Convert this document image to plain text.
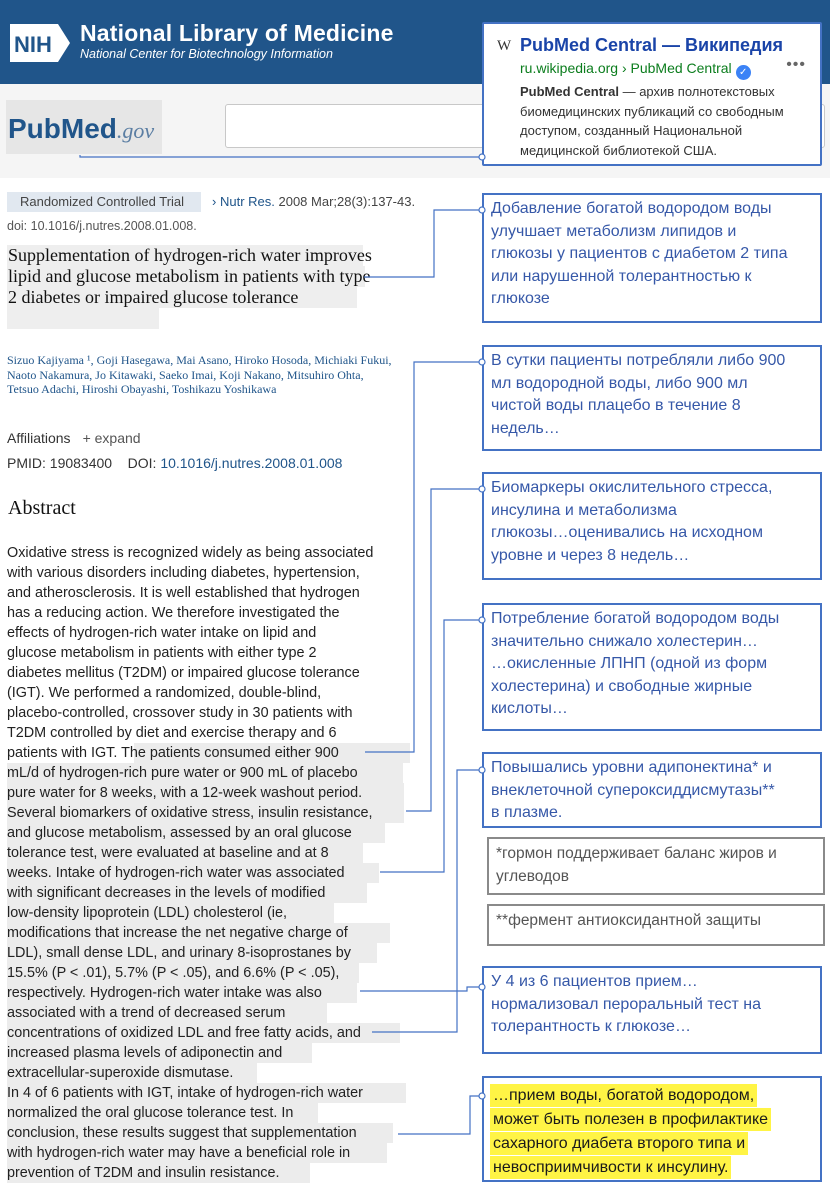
NIH National Library of Medicine
National Center for Biotechnology Information
PubMed.gov
W PubMed Central — Википедия
ru.wikipedia.org › PubMed Central ✓ •••
PubMed Central — архив полнотекстовых биомедицинских публикаций со свободным доступом, созданный Национальной медицинской библиотекой США.
Randomized Controlled Trial	› Nutr Res. 2008 Mar;28(3):137-43.
doi: 10.1016/j.nutres.2008.01.008.
Supplementation of hydrogen-rich water improves lipid and glucose metabolism in patients with type 2 diabetes or impaired glucose tolerance
Sizuo Kajiyama ¹, Goji Hasegawa, Mai Asano, Hiroko Hosoda, Michiaki Fukui, Naoto Nakamura, Jo Kitawaki, Saeko Imai, Koji Nakano, Mitsuhiro Ohta, Tetsuo Adachi, Hiroshi Obayashi, Toshikazu Yoshikawa
Affiliations + expand
PMID: 19083400 DOI: 10.1016/j.nutres.2008.01.008
Abstract
Oxidative stress is recognized widely as being associated
with various disorders including diabetes, hypertension,
and atherosclerosis. It is well established that hydrogen
has a reducing action. We therefore investigated the
effects of hydrogen-rich water intake on lipid and
glucose metabolism in patients with either type 2
diabetes mellitus (T2DM) or impaired glucose tolerance
(IGT). We performed a randomized, double-blind,
placebo-controlled, crossover study in 30 patients with
T2DM controlled by diet and exercise therapy and 6
patients with IGT. The patients consumed either 900
mL/d of hydrogen-rich pure water or 900 mL of placebo
pure water for 8 weeks, with a 12-week washout period.
Several biomarkers of oxidative stress, insulin resistance,
and glucose metabolism, assessed by an oral glucose
tolerance test, were evaluated at baseline and at 8
weeks. Intake of hydrogen-rich water was associated
with significant decreases in the levels of modified
low-density lipoprotein (LDL) cholesterol (ie,
modifications that increase the net negative charge of
LDL), small dense LDL, and urinary 8-isoprostanes by
15.5% (P < .01), 5.7% (P < .05), and 6.6% (P < .05),
respectively. Hydrogen-rich water intake was also
associated with a trend of decreased serum
concentrations of oxidized LDL and free fatty acids, and
increased plasma levels of adiponectin and
extracellular-superoxide dismutase.
In 4 of 6 patients with IGT, intake of hydrogen-rich water
normalized the oral glucose tolerance test. In
conclusion, these results suggest that supplementation
with hydrogen-rich water may have a beneficial role in
prevention of T2DM and insulin resistance.
Добавление богатой водородом воды
улучшает метаболизм липидов и
глюкозы у пациентов с диабетом 2 типа
или нарушенной толерантностью к
глюкозе
В сутки пациенты потребляли либо 900
мл водородной воды, либо 900 мл
чистой воды плацебо в течение 8
недель…
Биомаркеры окислительного стресса,
инсулина и метаболизма
глюкозы…оценивались на исходном
уровне и через 8 недель…
Потребление богатой водородом воды
значительно снижало холестерин…
…окисленные ЛПНП (одной из форм
холестерина) и свободные жирные
кислоты…
Повышались уровни адипонектина* и
внеклеточной супероксиддисмутазы**
в плазме.
*гормон поддерживает баланс жиров и
углеводов
**фермент антиоксидантной защиты
У 4 из 6 пациентов прием…
нормализовал пероральный тест на
толерантность к глюкозе…
…прием воды, богатой водородом,
может быть полезен в профилактике
сахарного диабета второго типа и
невосприимчивости к инсулину.
